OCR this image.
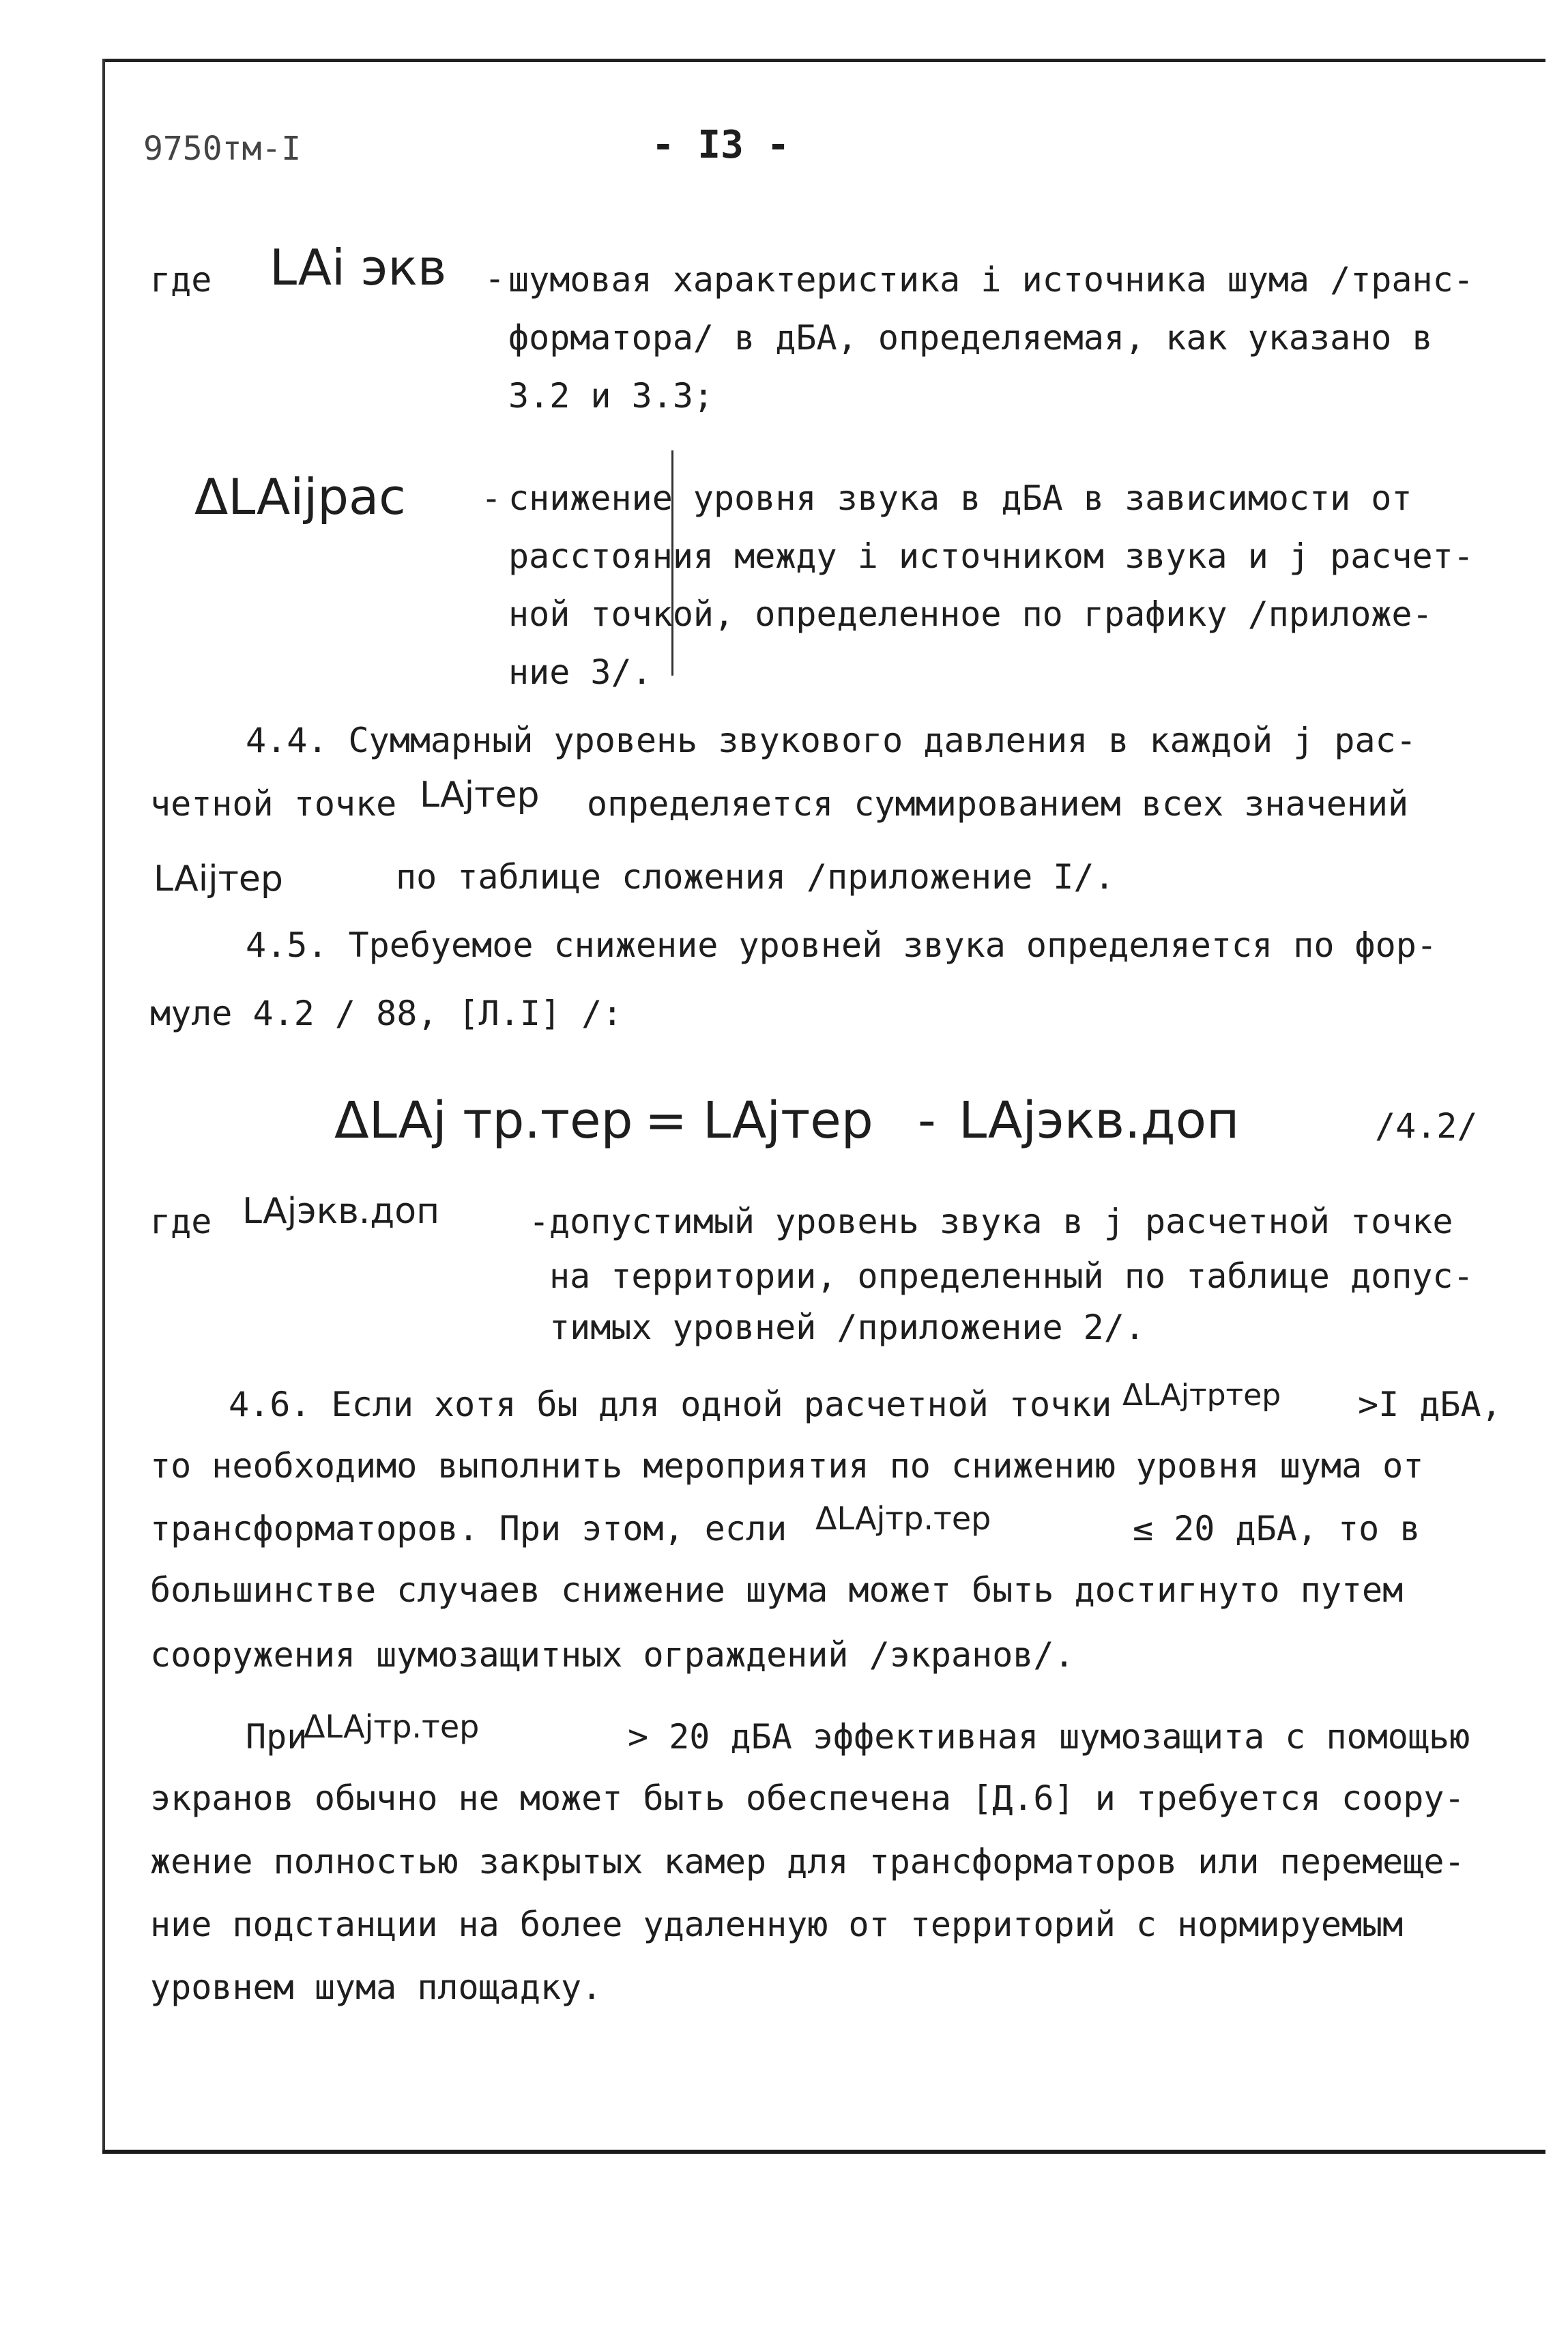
9750тм-I	- I3 -
где LAi экв - шумовая характеристика i источника шума /транс-
форматора/ в дБА, определяемая, как указано в
3.2 и 3.3;
ΔLAijрас - снижение уровня звука в дБА в зависимости от
расстояния между i источником звука и j расчет-
ной точкой, определенное по графику /приложе-
ние 3/.
4.4. Суммарный уровень звукового давления в каждой j рас-
четной точке LAjтер определяется суммированием всех значений
LAijтер	по таблице сложения /приложение I/.
4.5. Требуемое снижение уровней звука определяется по фор-
муле 4.2 / 88, [Л.I] /:
ΔLAj тр.тер = LAjтер - LAjэкв.доп	/4.2/
где LAjэкв.доп	- допустимый уровень звука в j расчетной точке
на территории, определенный по таблице допус-
тимых уровней /приложение 2/.
4.6. Если хотя бы для одной расчетной точки ΔLAjтртер >I дБА,
то необходимо выполнить мероприятия по снижению уровня шума от
трансформаторов. При этом, если ΔLAjтр.тер	≤ 20 дБА, то в
большинстве случаев снижение шума может быть достигнуто путем
сооружения шумозащитных ограждений /экранов/.
При
ΔLAjтр.тер	> 20 дБА эффективная шумозащита с помощью
экранов обычно не может быть обеспечена [Д.6] и требуется соору-
жение полностью закрытых камер для трансформаторов или перемеще-
ние подстанции на более удаленную от территорий с нормируемым
уровнем шума площадку.
